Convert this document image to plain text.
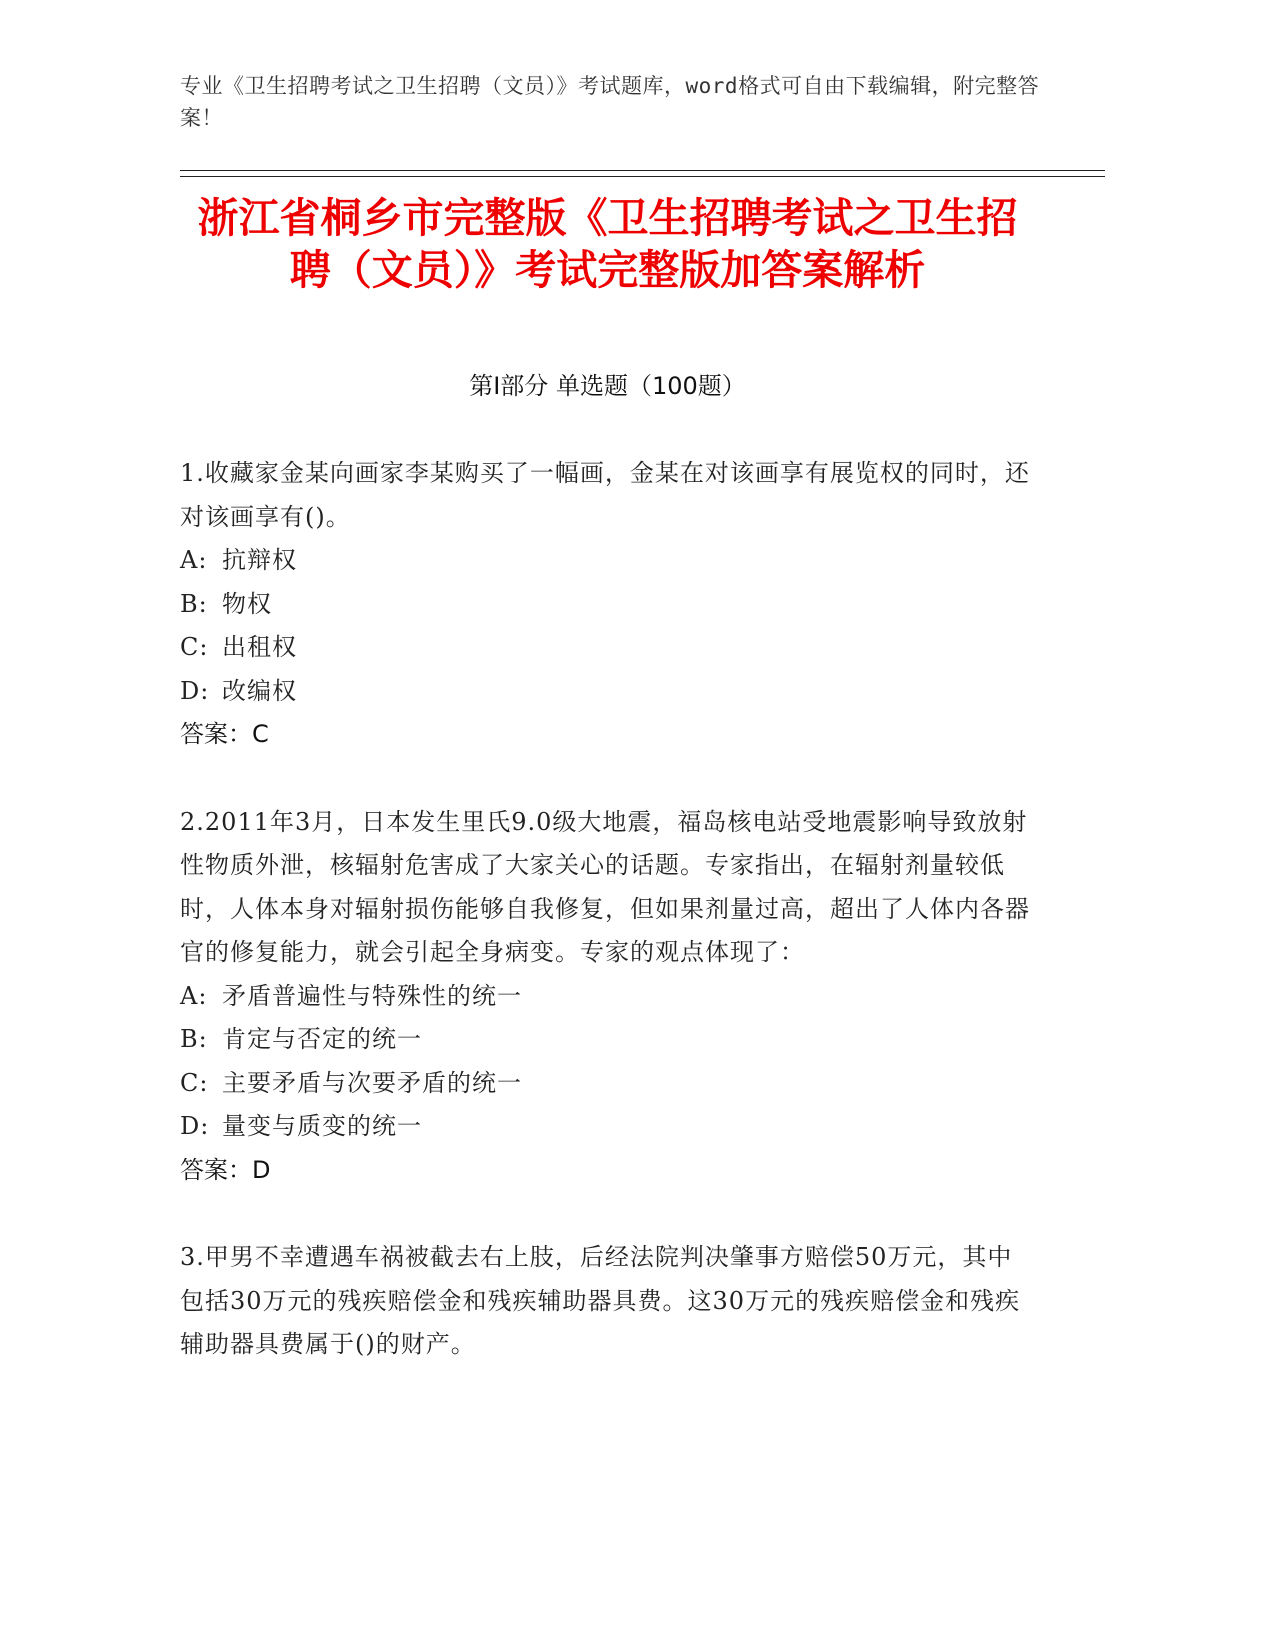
专业《卫生招聘考试之卫生招聘（文员）》考试题库，word格式可自由下载编辑，附完整答案！
浙江省桐乡市完整版《卫生招聘考试之卫生招聘（文员）》考试完整版加答案解析
第Ⅰ部分 单选题（100题）

1.收藏家金某向画家李某购买了一幅画，金某在对该画享有展览权的同时，还对该画享有()。

A: 抗辩权

B: 物权

C: 出租权

D: 改编权

答案：C

2.2011年3月，日本发生里氏9.0级大地震，福岛核电站受地震影响导致放射性物质外泄，核辐射危害成了大家关心的话题。专家指出，在辐射剂量较低时，人体本身对辐射损伤能够自我修复，但如果剂量过高，超出了人体内各器官的修复能力，就会引起全身病变。专家的观点体现了：

A: 矛盾普遍性与特殊性的统一

B: 肯定与否定的统一

C: 主要矛盾与次要矛盾的统一

D: 量变与质变的统一

答案：D

3.甲男不幸遭遇车祸被截去右上肢，后经法院判决肇事方赔偿50万元，其中包括30万元的残疾赔偿金和残疾辅助器具费。这30万元的残疾赔偿金和残疾辅助器具费属于()的财产。
